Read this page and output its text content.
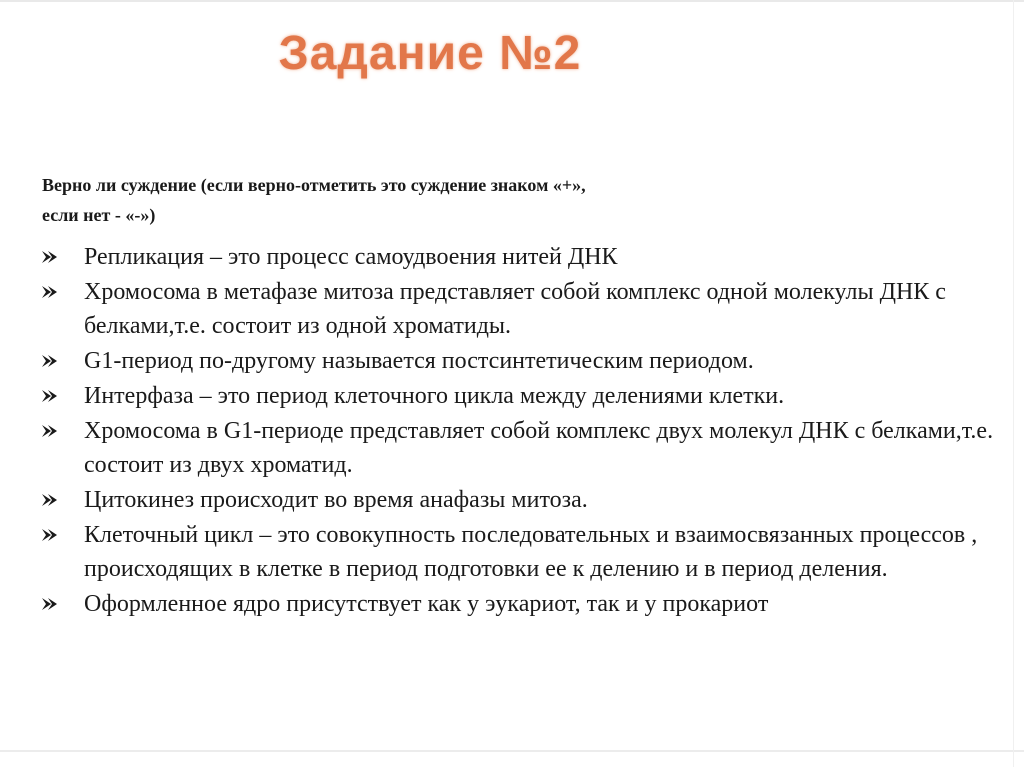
Задание №2
Верно ли суждение (если верно-отметить это суждение знаком «+»,
если нет - «-»)
Репликация – это процесс самоудвоения нитей ДНК
Хромосома в метафазе митоза представляет собой комплекс одной молекулы ДНК с белками,т.е. состоит из одной хроматиды.
G1-период по-другому называется постсинтетическим периодом.
Интерфаза – это период клеточного цикла между делениями клетки.
Хромосома в G1-периоде представляет собой комплекс двух молекул ДНК с белками,т.е. состоит из двух хроматид.
Цитокинез происходит во время анафазы митоза.
Клеточный цикл – это совокупность последовательных и взаимосвязанных процессов , происходящих в клетке в период подготовки ее к делению и в период деления.
Оформленное ядро присутствует как у эукариот, так и у прокариот
